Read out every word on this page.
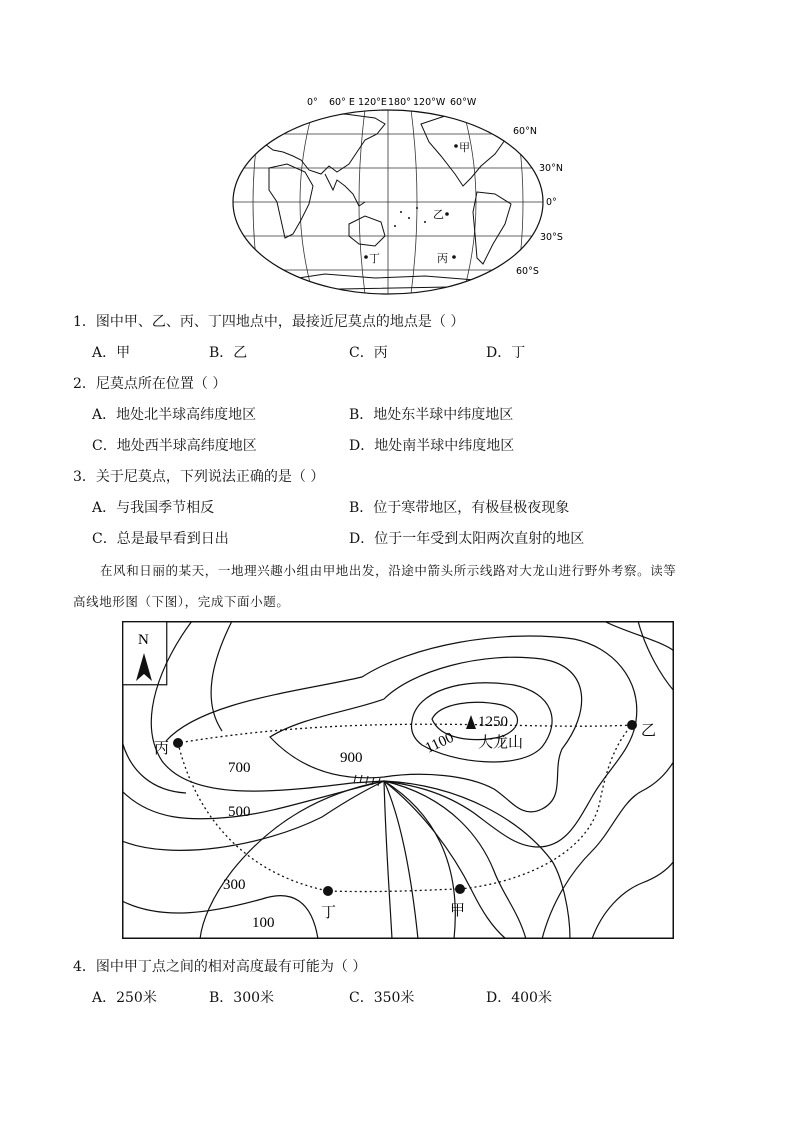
0° 60° E 120°E 180° 120°W 60°W
60°N
30°N
0°
30°S
60°S
甲
乙
丙
丁
1．图中甲、乙、丙、丁四地点中，最接近尼莫点的地点是（ ）
A．甲	B．乙	C．丙	D．丁
2．尼莫点所在位置（ ）
A．地处北半球高纬度地区	B．地处东半球中纬度地区
C．地处西半球高纬度地区	D．地处南半球中纬度地区
3．关于尼莫点，下列说法正确的是（ ）
A．与我国季节相反	B．位于寒带地区，有极昼极夜现象
C．总是最早看到日出	D．位于一年受到太阳两次直射的地区
在风和日丽的某天，一地理兴趣小组由甲地出发，沿途中箭头所示线路对大龙山进行野外考察。读等
高线地形图（下图），完成下面小题。
N
1250
1100
900
700
500
300
100
大龙山
丙
乙
丁	甲
4．图中甲丁点之间的相对高度最有可能为（ ）
A．250米	B．300米	C．350米	D．400米
